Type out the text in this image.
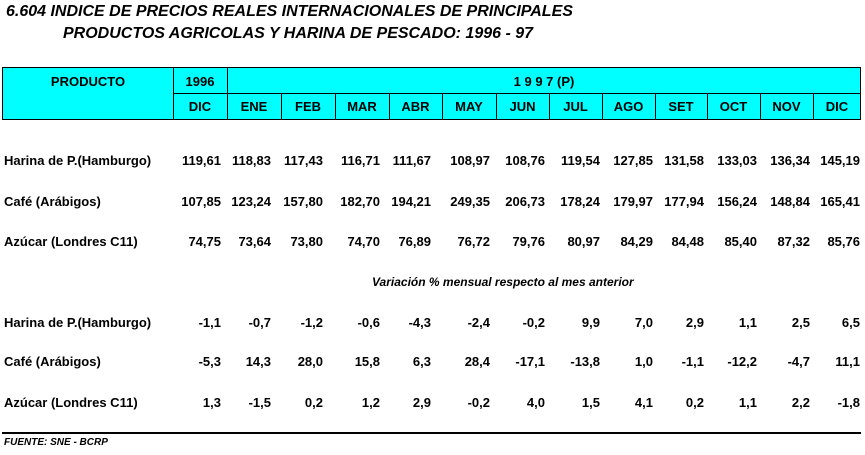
6.604 INDICE DE PRECIOS REALES INTERNACIONALES DE PRINCIPALES
PRODUCTOS AGRICOLAS Y HARINA DE PESCADO: 1996 - 97
PRODUCTO	1996	1 9 9 7 (P)
DIC	ENE	FEB	MAR	ABR	MAY	JUN	JUL	AGO	SET	OCT	NOV	DIC
Harina de P.(Hamburgo)	119,61 118,83 117,43	116,71 111,67	108,97	108,76	119,54	127,85 131,58	133,03	136,34 145,19
Café (Arábigos)	107,85 123,24 157,80	182,70 194,21	249,35	206,73	178,24	179,97 177,94	156,24	148,84 165,41
Azúcar (Londres C11)	74,75	73,64	73,80	74,70	76,89	76,72	79,76	80,97	84,29	84,48	85,40	87,32	85,76
Variación % mensual respecto al mes anterior
Harina de P.(Hamburgo)	-1,1	-0,7	-1,2	-0,6	-4,3	-2,4	-0,2	9,9	7,0	2,9	1,1	2,5	6,5
Café (Arábigos)	-5,3	14,3	28,0	15,8	6,3	28,4	-17,1	-13,8	1,0	-1,1	-12,2	-4,7	11,1
Azúcar (Londres C11)	1,3	-1,5	0,2	1,2	2,9	-0,2	4,0	1,5	4,1	0,2	1,1	2,2	-1,8
FUENTE: SNE - BCRP
